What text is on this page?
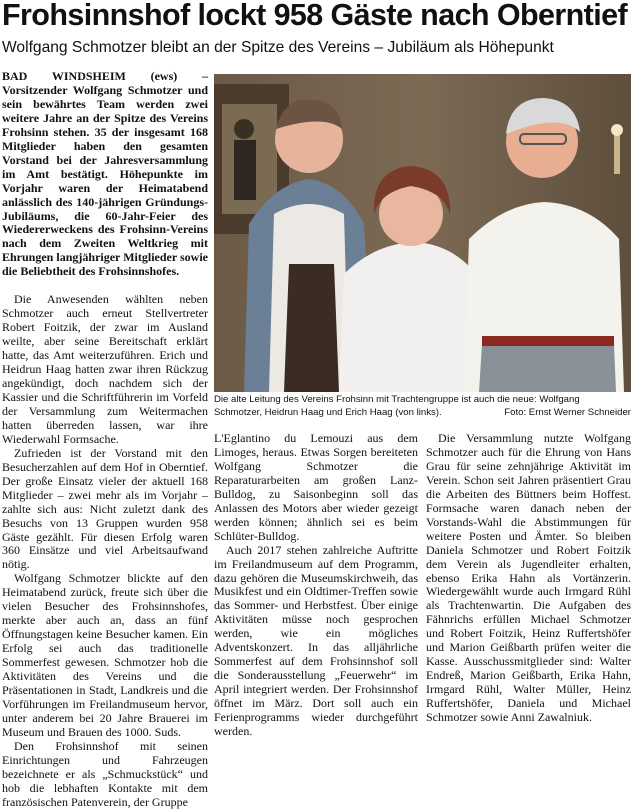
Frohsinnshof lockt 958 Gäste nach Oberntief
Wolfgang Schmotzer bleibt an der Spitze des Vereins – Jubiläum als Höhepunkt

BAD WINDSHEIM (ews) – Vorsitzender Wolfgang Schmotzer und sein bewährtes Team werden zwei weitere Jahre an der Spitze des Vereins Frohsinn stehen. 35 der insgesamt 168 Mitglieder haben den gesamten Vorstand bei der Jahresversammlung im Amt bestätigt. Höhepunkte im Vorjahr waren der Heimatabend anlässlich des 140-jährigen Gründungs-Jubiläums, die 60-Jahr-Feier des Wiedererweckens des Frohsinn-Vereins nach dem Zweiten Weltkrieg mit Ehrungen langjähriger Mitglieder sowie die Beliebtheit des Frohsinnshofes.

Die Anwesenden wählten neben Schmotzer auch erneut Stellvertreter Robert Foitzik, der zwar im Ausland weilte, aber seine Bereitschaft erklärt hatte, das Amt weiterzuführen. Erich und Heidrun Haag hatten zwar ihren Rückzug angekündigt, doch nachdem sich der Kassier und die Schriftführerin im Vorfeld der Versammlung zum Weitermachen hatten überreden lassen, war ihre Wiederwahl Formsache.

Zufrieden ist der Vorstand mit den Besucherzahlen auf dem Hof in Oberntief. Der große Einsatz vieler der aktuell 168 Mitglieder – zwei mehr als im Vorjahr – zahlte sich aus: Nicht zuletzt dank des Besuchs von 13 Gruppen wurden 958 Gäste gezählt. Für diesen Erfolg waren 360 Einsätze und viel Arbeitsaufwand nötig.

Wolfgang Schmotzer blickte auf den Heimatabend zurück, freute sich über die vielen Besucher des Frohsinnshofes, merkte aber auch an, dass an fünf Öffnungstagen keine Besucher kamen. Ein Erfolg sei auch das traditionelle Sommerfest gewesen. Schmotzer hob die Aktivitäten des Vereins und die Präsentationen in Stadt, Landkreis und die Vorführungen im Freilandmuseum hervor, unter anderem bei 20 Jahre Brauerei im Museum und Brauen des 1000. Suds.

Den Frohsinnshof mit seinen Einrichtungen und Fahrzeugen bezeichnete er als „Schmuckstück“ und hob die lebhaften Kontakte mit dem französischen Patenverein, der Gruppe

Die alte Leitung des Vereins Frohsinn mit Trachtengruppe ist auch die neue: Wolfgang
Schmotzer, Heidrun Haag und Erich Haag (von links).	Foto: Ernst Werner Schneider

L'Eglantino du Lemouzi aus dem Limoges, heraus. Etwas Sorgen bereiteten Wolfgang Schmotzer die Reparaturarbeiten am großen Lanz-Bulldog, zu Saisonbeginn soll das Anlassen des Motors aber wieder gezeigt werden können; ähnlich sei es beim Schlüter-Bulldog.

Auch 2017 stehen zahlreiche Auftritte im Freilandmuseum auf dem Programm, dazu gehören die Museumskirchweih, das Musikfest und ein Oldtimer-Treffen sowie das Sommer- und Herbstfest. Über einige Aktivitäten müsse noch gesprochen werden, wie ein mögliches Adventskonzert. In das alljährliche Sommerfest auf dem Frohsinnshof soll die Sonderausstellung „Feuerwehr“ im April integriert werden. Der Frohsinnshof öffnet im März. Dort soll auch ein Ferienprogramms wieder durchgeführt werden.

Die Versammlung nutzte Wolfgang Schmotzer auch für die Ehrung von Hans Grau für seine zehnjährige Aktivität im Verein. Schon seit Jahren präsentiert Grau die Arbeiten des Büttners beim Hoffest. Formsache waren danach neben der Vorstands-Wahl die Abstimmungen für weitere Posten und Ämter. So bleiben Daniela Schmotzer und Robert Foitzik dem Verein als Jugendleiter erhalten, ebenso Erika Hahn als Vortänzerin. Wiedergewählt wurde auch Irmgard Rühl als Trachtenwartin. Die Aufgaben des Fähnrichs erfüllen Michael Schmotzer und Robert Foitzik, Heinz Ruffertshöfer und Marion Geißbarth prüfen weiter die Kasse. Ausschussmitglieder sind: Walter Endreß, Marion Geißbarth, Erika Hahn, Irmgard Rühl, Walter Müller, Heinz Ruffertshöfer, Daniela und Michael Schmotzer sowie Anni Zawalniuk.
